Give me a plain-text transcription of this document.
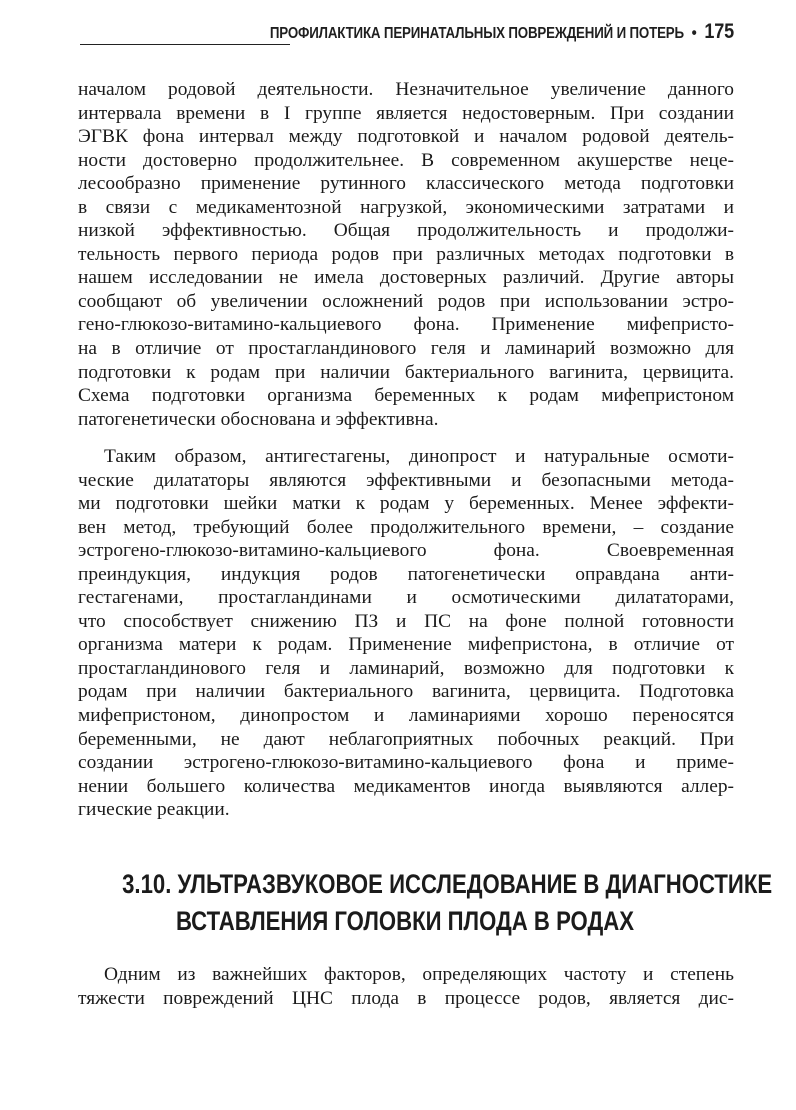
ПРОФИЛАКТИКА ПЕРИНАТАЛЬНЫХ ПОВРЕЖДЕНИЙ И ПОТЕРЬ • 175
началом родовой деятельности. Незначительное увеличение данного
интервала времени в I группе является недостоверным. При создании
ЭГВК фона интервал между подготовкой и началом родовой деятель-
ности достоверно продолжительнее. В современном акушерстве неце-
лесообразно применение рутинного классического метода подготовки
в связи с медикаментозной нагрузкой, экономическими затратами и
низкой эффективностью. Общая продолжительность и продолжи-
тельность первого периода родов при различных методах подготовки в
нашем исследовании не имела достоверных различий. Другие авторы
сообщают об увеличении осложнений родов при использовании эстро-
гено-глюкозо-витамино-кальциевого фона. Применение мифепристо-
на в отличие от простагландинового геля и ламинарий возможно для
подготовки к родам при наличии бактериального вагинита, цервицита.
Схема подготовки организма беременных к родам мифепристоном
патогенетически обоснована и эффективна.
Таким образом, антигестагены, динопрост и натуральные осмоти-
ческие дилататоры являются эффективными и безопасными метода-
ми подготовки шейки матки к родам у беременных. Менее эффекти-
вен метод, требующий более продолжительного времени, – создание
эстрогено-глюкозо-витамино-кальциевого фона. Своевременная
преиндукция, индукция родов патогенетически оправдана анти-
гестагенами, простагландинами и осмотическими дилататорами,
что способствует снижению ПЗ и ПС на фоне полной готовности
организма матери к родам. Применение мифепристона, в отличие от
простагландинового геля и ламинарий, возможно для подготовки к
родам при наличии бактериального вагинита, цервицита. Подготовка
мифепристоном, динопростом и ламинариями хорошо переносятся
беременными, не дают неблагоприятных побочных реакций. При
создании эстрогено-глюкозо-витамино-кальциевого фона и приме-
нении большего количества медикаментов иногда выявляются аллер-
гические реакции.
3.10. УЛЬТРАЗВУКОВОЕ ИССЛЕДОВАНИЕ В ДИАГНОСТИКЕ
ВСТАВЛЕНИЯ ГОЛОВКИ ПЛОДА В РОДАХ
Одним из важнейших факторов, определяющих частоту и степень
тяжести повреждений ЦНС плода в процессе родов, является дис-
